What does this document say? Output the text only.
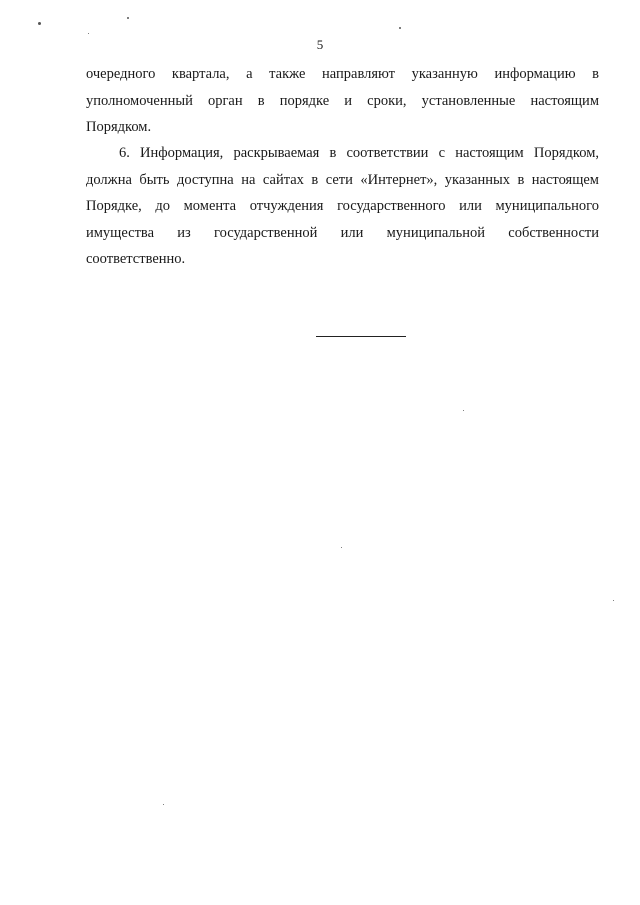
5
очередного квартала, а также направляют указанную информацию в
уполномоченный орган в порядке и сроки, установленные настоящим
Порядком.
6. Информация, раскрываемая в соответствии с настоящим Порядком,
должна быть доступна на сайтах в сети «Интернет», указанных в настоящем
Порядке, до момента отчуждения государственного или муниципального
имущества из государственной или муниципальной собственности
соответственно.
